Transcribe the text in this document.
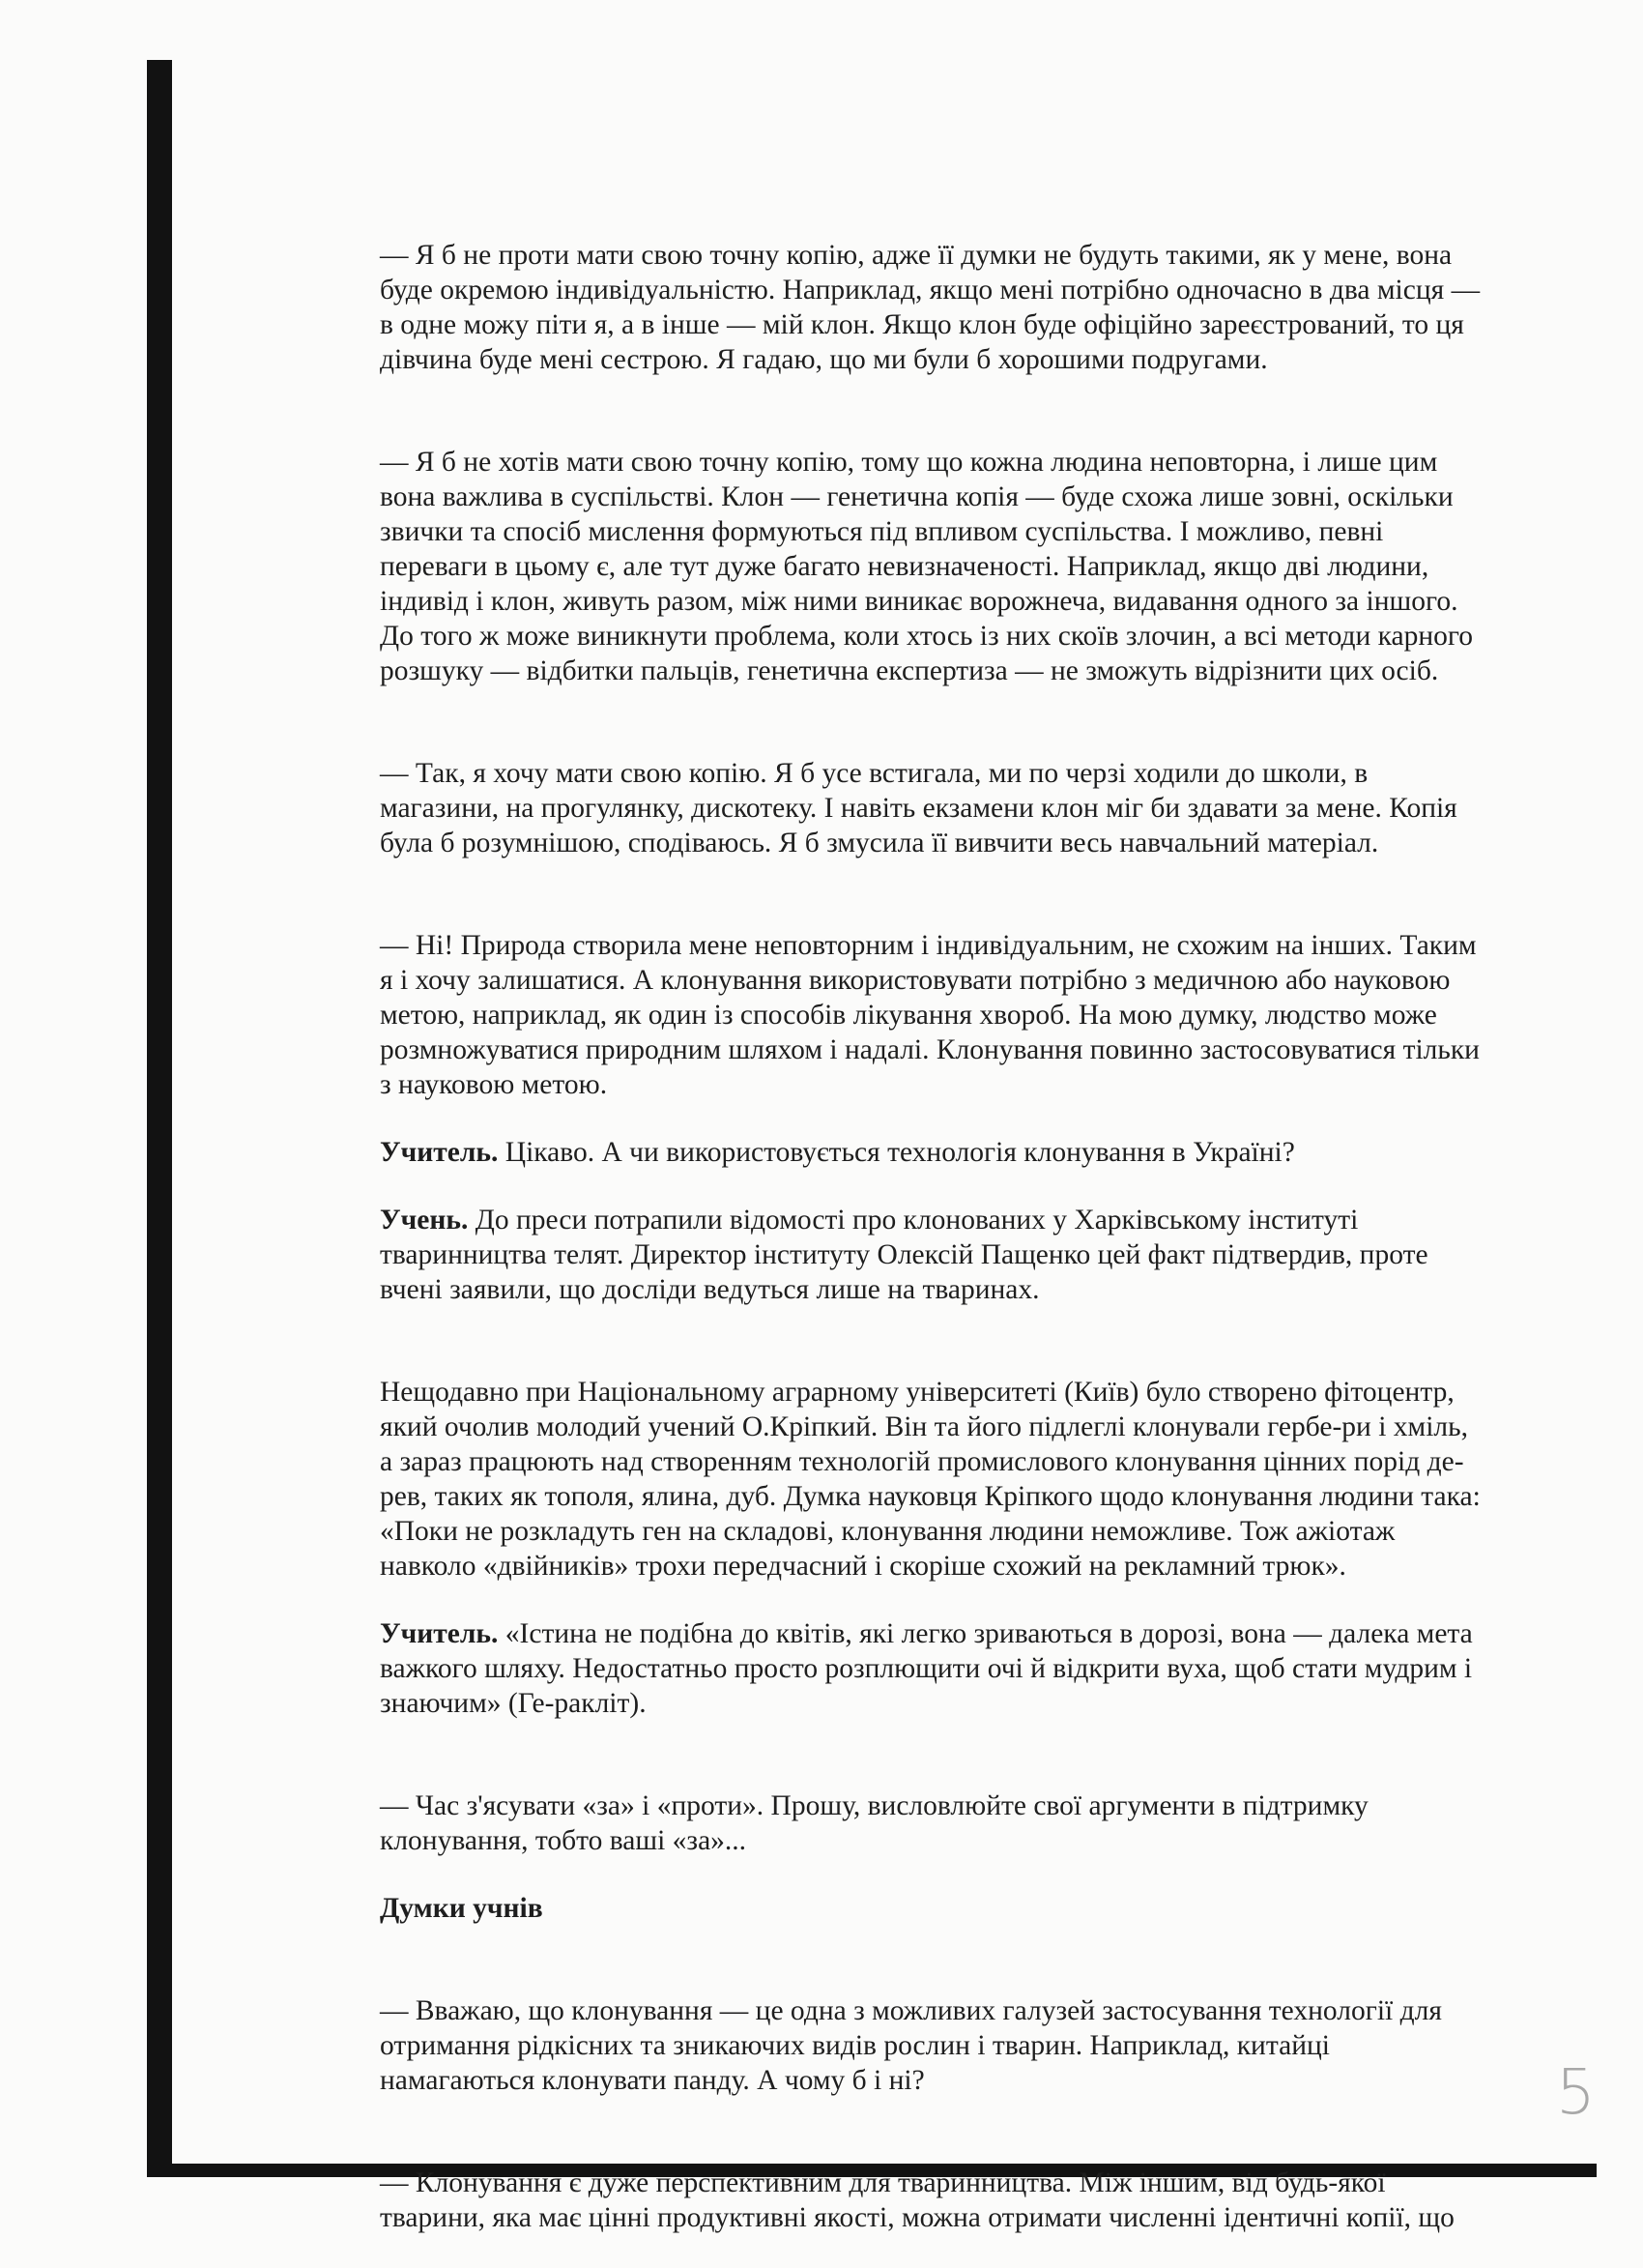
— Я б не проти мати свою точну копію, адже її думки не будуть такими, як у мене, вона
буде окремою індивідуальністю. Наприклад, якщо мені потрібно одночасно в два місця —
в одне можу піти я, а в інше — мій клон. Якщо клон буде офіційно зареєстрований, то ця
дівчина буде мені сестрою. Я гадаю, що ми були б хорошими подругами.

— Я б не хотів мати свою точну копію, тому що кожна людина неповторна, і лише цим
вона важлива в суспільстві. Клон — генетична копія — буде схожа лише зовні, оскільки
звички та спосіб мислення формуються під впливом суспільства. І можливо, певні
переваги в цьому є, але тут дуже багато невизначеності. Наприклад, якщо дві людини,
індивід і клон, живуть разом, між ними виникає ворожнеча, видавання одного за іншого.
До того ж може виникнути проблема, коли хтось із них скоїв злочин, а всі методи карного
розшуку — відбитки пальців, генетична експертиза — не зможуть відрізнити цих осіб.

— Так, я хочу мати свою копію. Я б усе встигала, ми по черзі ходили до школи, в
магазини, на прогулянку, дискотеку. І навіть екзамени клон міг би здавати за мене. Копія
була б розумнішою, сподіваюсь. Я б змусила її вивчити весь навчальний матеріал.

— Ні! Природа створила мене неповторним і індивідуальним, не схожим на інших. Таким
я і хочу залишатися. А клонування використовувати потрібно з медичною або науковою
метою, наприклад, як один із способів лікування хвороб. На мою думку, людство може
розмножуватися природним шляхом і надалі. Клонування повинно застосовуватися тільки
з науковою метою.

Учитель. Цікаво. А чи використовується технологія клонування в Україні?

Учень. До преси потрапили відомості про клонованих у Харківському інституті
тваринництва телят. Директор інституту Олексій Пащенко цей факт підтвердив, проте
вчені заявили, що досліди ведуться лише на тваринах.

Нещодавно при Національному аграрному університеті (Київ) було створено фітоцентр,
який очолив молодий учений О.Кріпкий. Він та його підлеглі клонували гербе-ри і хміль,
а зараз працюють над створенням технологій промислового клонування цінних порід де-
рев, таких як тополя, ялина, дуб. Думка науковця Кріпкого щодо клонування людини така:
«Поки не розкладуть ген на складові, клонування людини неможливе. Тож ажіотаж
навколо «двійників» трохи передчасний і скоріше схожий на рекламний трюк».

Учитель. «Істина не подібна до квітів, які легко зриваються в дорозі, вона — далека мета
важкого шляху. Недостатньо просто розплющити очі й відкрити вуха, щоб стати мудрим і
знаючим» (Ге-ракліт).

— Час з'ясувати «за» і «проти». Прошу, висловлюйте свої аргументи в підтримку
клонування, тобто ваші «за»...

Думки учнів

— Вважаю, що клонування — це одна з можливих галузей застосування технології для
отримання рідкісних та зникаючих видів рослин і тварин. Наприклад, китайці
намагаються клонувати панду. А чому б і ні?

— Клонування є дуже перспективним для тваринництва. Між іншим, від будь-якої
тварини, яка має цінні продуктивні якості, можна отримати численні ідентичні копії, що

5
